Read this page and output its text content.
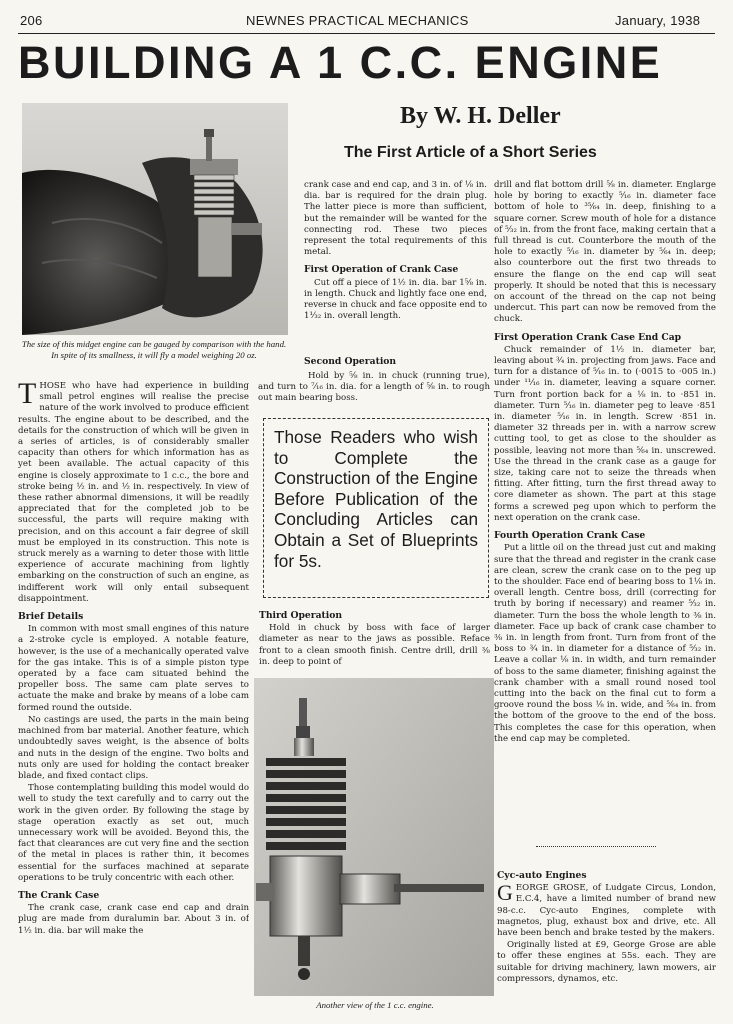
206	NEWNES PRACTICAL MECHANICS	January, 1938
BUILDING A 1 C.C. ENGINE
By W. H. Deller
The First Article of a Short Series
The size of this midget engine can be gauged by comparison with the hand. In spite of its smallness, it will fly a model weighing 20 oz.

THOSE who have had experience in building small petrol engines will realise the precise nature of the work involved to produce efficient results. The engine about to be described, and the details for the construction of which will be given in a series of articles, is of considerably smaller capacity than others for which information has as yet been available. The actual capacity of this engine is closely approximate to 1 c.c., the bore and stroke being ½ in. and ½ in. respectively. In view of these rather abnormal dimensions, it will be readily appreciated that for the completed job to be successful, the parts will require making with precision, and on this account a fair degree of skill must be employed in its construction. This note is struck merely as a warning to deter those with little experience of accurate machining from lightly embarking on the construction of such an engine, as indifferent work will only entail subsequent disappointment.

Brief Details

In common with most small engines of this nature a 2-stroke cycle is employed. A notable feature, however, is the use of a mechanically operated valve for the gas intake. This is of a simple piston type operated by a face cam situated behind the propeller boss. The same cam plate serves to actuate the make and brake by means of a lobe cam formed round the outside.

No castings are used, the parts in the main being machined from bar material. Another feature, which undoubtedly saves weight, is the absence of bolts and nuts in the design of the engine. Two bolts and nuts only are used for holding the contact breaker blade, and fixed contact clips.

Those contemplating building this model would do well to study the text carefully and to carry out the work in the given order. By following the stage by stage operation exactly as set out, much unnecessary work will be avoided. Beyond this, the fact that clearances are cut very fine and the section of the metal in places is rather thin, it becomes essential for the surfaces machined at separate operations to be truly concentric with each other.

The Crank Case

The crank case, crank case end cap and drain plug are made from duralumin bar. About 3 in. of 1½ in. dia. bar will make the

crank case and end cap, and 3 in. of ⅛ in. dia. bar is required for the drain plug. The latter piece is more than sufficient, but the remainder will be wanted for the connecting rod. These two pieces represent the total requirements of this metal.

First Operation of Crank Case

Cut off a piece of 1½ in. dia. bar 1⅝ in. in length. Chuck and lightly face one end, reverse in chuck and face opposite end to 1¹⁄₃₂ in. overall length.

Second Operation

Hold by ⅝ in. in chuck (running true), and turn to ⁷⁄₁₆ in. dia. for a length of ⅝ in. to rough out main bearing boss.

Those Readers who wish to Complete the Construction of the Engine Before Publication of the Concluding Articles can Obtain a Set of Blueprints for 5s.
Third Operation

Hold in chuck by boss with face of larger diameter as near to the jaws as possible. Reface front to a clean smooth finish. Centre drill, drill ⅜ in. deep to point of

Another view of the 1 c.c. engine.

drill and flat bottom drill ⅝ in. diameter. Englarge hole by boring to exactly ⁵⁄₁₆ in. diameter face bottom of hole to ³⁵⁄₆₄ in. deep, finishing to a square corner. Screw mouth of hole for a distance of ⁵⁄₃₂ in. from the front face, making certain that a full thread is cut. Counterbore the mouth of the hole to exactly ⁵⁄₁₆ in. diameter by ⁵⁄₆₄ in. deep; also counterbore out the first two threads to ensure the flange on the end cap will seat properly. It should be noted that this is necessary on account of the thread on the cap not being undercut. This part can now be removed from the chuck.

First Operation Crank Case End Cap

Chuck remainder of 1½ in. diameter bar, leaving about ¾ in. projecting from jaws. Face and turn for a distance of ⁵⁄₁₆ in. to (·0015 to ·005 in.) under ¹¹⁄₁₆ in. diameter, leaving a square corner. Turn front portion back for a ⅛ in. to ·851 in. diameter. Turn ⁵⁄₁₆ in. diameter peg to leave ·851 in. diameter ⁵⁄₁₆ in. in length. Screw ·851 in. diameter 32 threads per in. with a narrow screw cutting tool, to get as close to the shoulder as possible, leaving not more than ⁵⁄₆₄ in. unscrewed. Use the thread in the crank case as a gauge for size, taking care not to seize the threads when fitting. After fitting, turn the first thread away to core diameter as shown. The part at this stage forms a screwed peg upon which to perform the next operation on the crank case.

Fourth Operation Crank Case

Put a little oil on the thread just cut and making sure that the thread and register in the crank case are clean, screw the crank case on to the peg up to the shoulder. Face end of bearing boss to 1⅛ in. overall length. Centre boss, drill (correcting for truth by boring if necessary) and reamer ⁵⁄₃₂ in. diameter. Turn the boss the whole length to ⅜ in. diameter. Face up back of crank case chamber to ⅜ in. in length from front. Turn from front of the boss to ¾ in. in diameter for a distance of ⁵⁄₃₂ in. Leave a collar ⅛ in. in width, and turn remainder of boss to the same diameter, finishing against the crank chamber with a small round nosed tool cutting into the back on the final cut to form a groove round the boss ⅛ in. wide, and ⁵⁄₆₄ in. from the bottom of the groove to the end of the boss. This completes the case for this operation, when the end cap may be completed.

Cyc-auto Engines

GEORGE GROSE, of Ludgate Circus, London, E.C.4, have a limited number of brand new 98-c.c. Cyc-auto Engines, complete with magnetos, plug, exhaust box and drive, etc. All have been bench and brake tested by the makers.

Originally listed at £9, George Grose are able to offer these engines at 55s. each. They are suitable for driving machinery, lawn mowers, air compressors, dynamos, etc.
